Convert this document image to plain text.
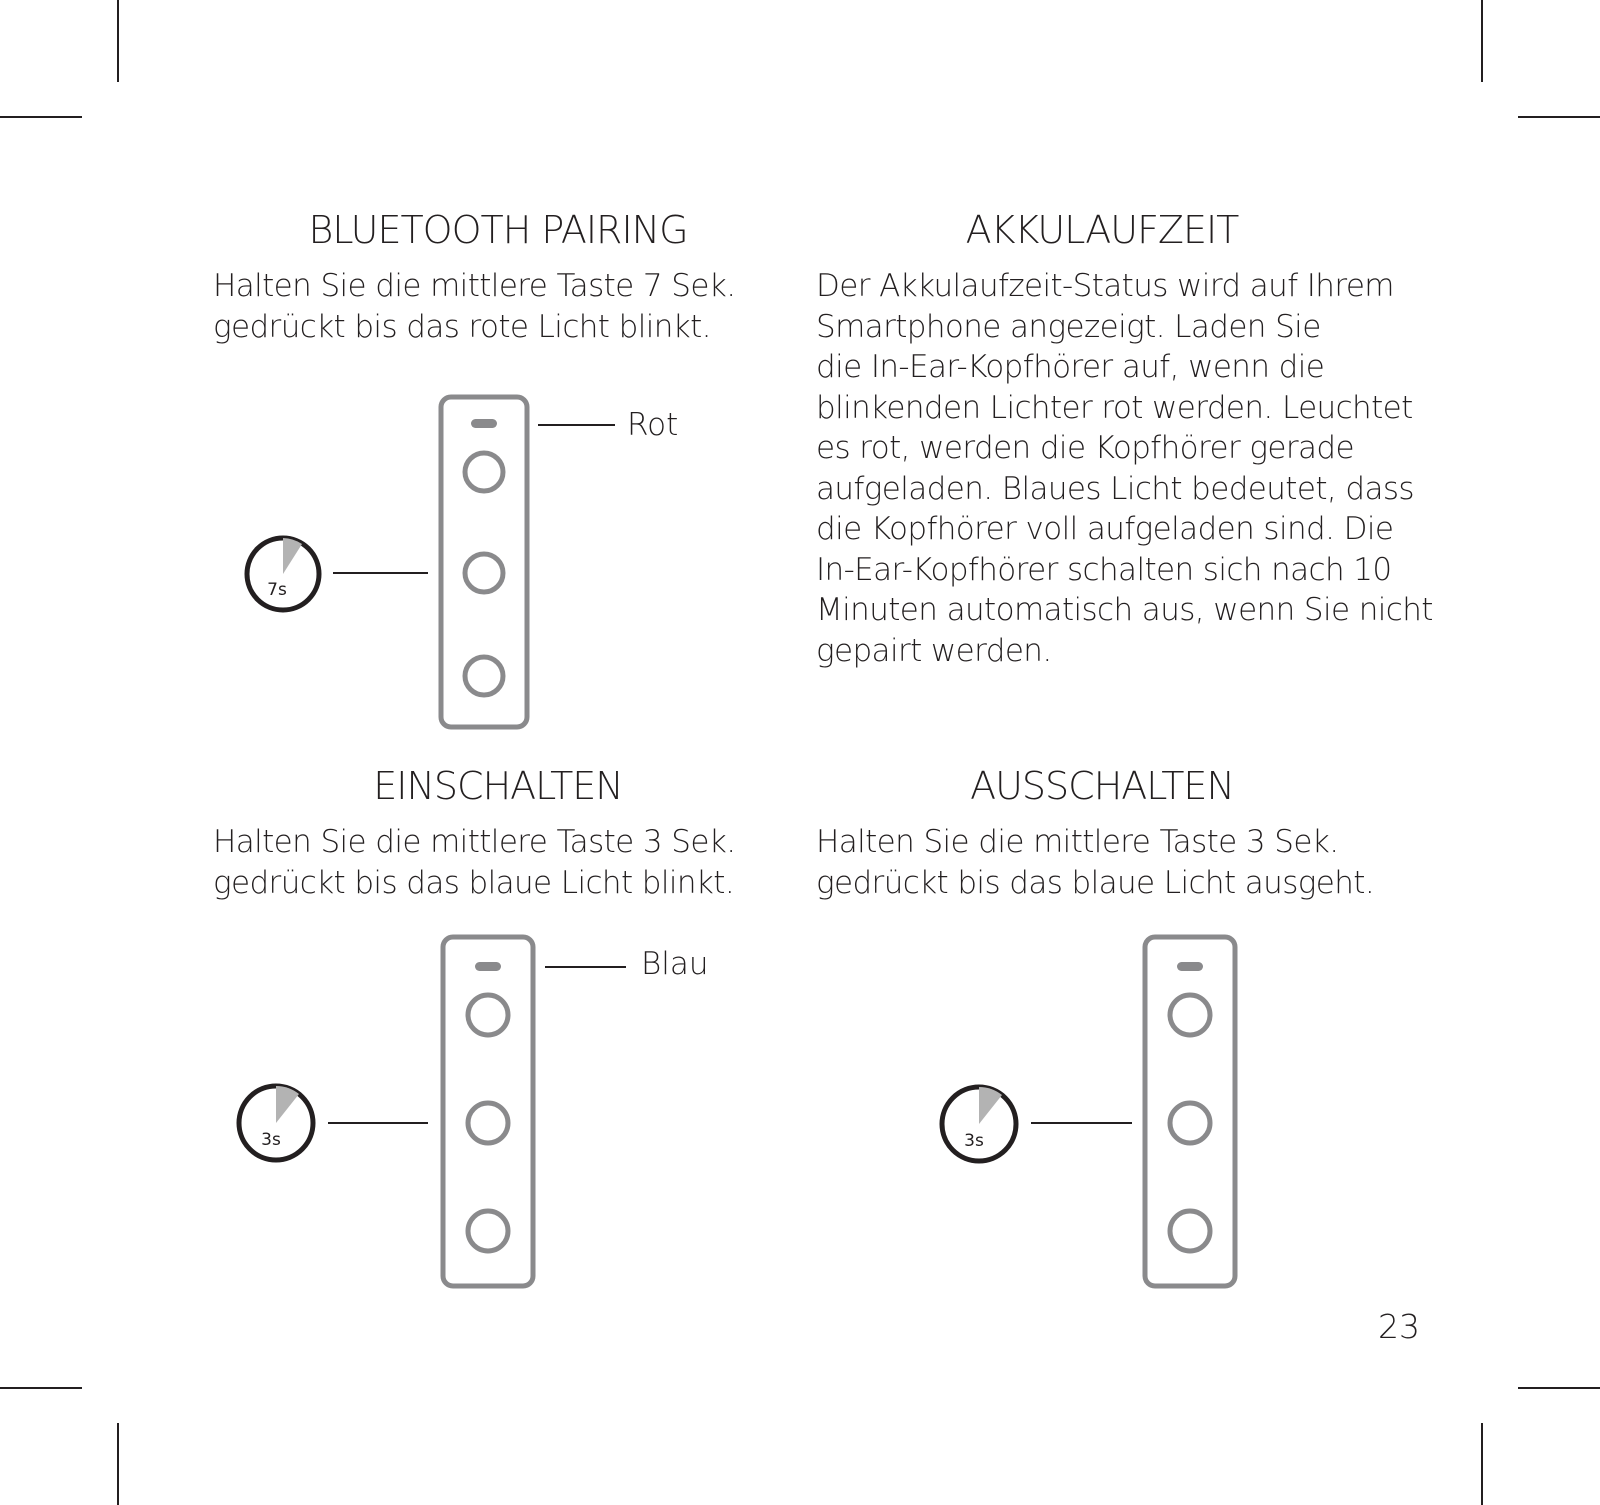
BLUETOOTH PAIRING
Halten Sie die mittlere Taste 7 Sek.
gedrückt bis das rote Licht blinkt.
AKKULAUFZEIT
Der Akkulaufzeit-Status wird auf Ihrem
Smartphone angezeigt. Laden Sie
die In-Ear-Kopfhörer auf, wenn die
blinkenden Lichter rot werden. Leuchtet
es rot, werden die Kopfhörer gerade
aufgeladen. Blaues Licht bedeutet, dass
die Kopfhörer voll aufgeladen sind. Die
In-Ear-Kopfhörer schalten sich nach 10
Minuten automatisch aus, wenn Sie nicht
gepairt werden.
EINSCHALTEN
Halten Sie die mittlere Taste 3 Sek.
gedrückt bis das blaue Licht blinkt.
AUSSCHALTEN
Halten Sie die mittlere Taste 3 Sek.
gedrückt bis das blaue Licht ausgeht.
Rot
Blau
23
7s
3s	3s
